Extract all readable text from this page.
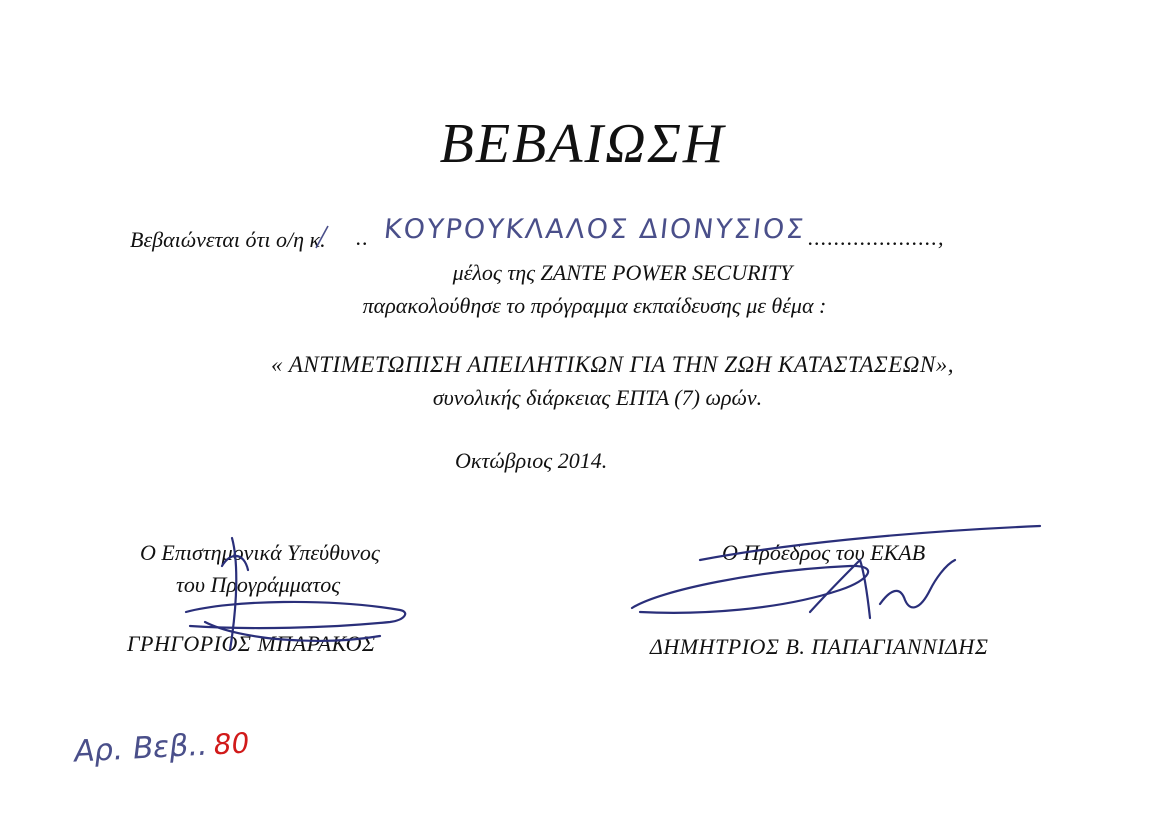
ΒΕΒΑΙΩΣΗ
Βεβαιώνεται ότι ο/η κ. .. ΚΟΥΡΟΥΚΛΑΛΟΣ ΔΙΟΝΥΣΙΟΣ ....................,
μέλος της ZANTE POWER SECURITY
παρακολούθησε το πρόγραμμα εκπαίδευσης με θέμα :
« ΑΝΤΙΜΕΤΩΠΙΣΗ ΑΠΕΙΛΗΤΙΚΩΝ ΓΙΑ ΤΗΝ ΖΩΗ ΚΑΤΑΣΤΑΣΕΩΝ»,
συνολικής διάρκειας ΕΠΤΑ (7) ωρών.
Οκτώβριος 2014.
Ο Επιστημονικά Υπεύθυνος
του Προγράμματος
ΓΡΗΓΟΡΙΟΣ ΜΠΑΡΑΚΟΣ
Ο Πρόεδρος του ΕΚΑΒ
ΔΗΜΗΤΡΙΟΣ Β. ΠΑΠΑΓΙΑΝΝΙΔΗΣ
Αρ. Βεβ..80
